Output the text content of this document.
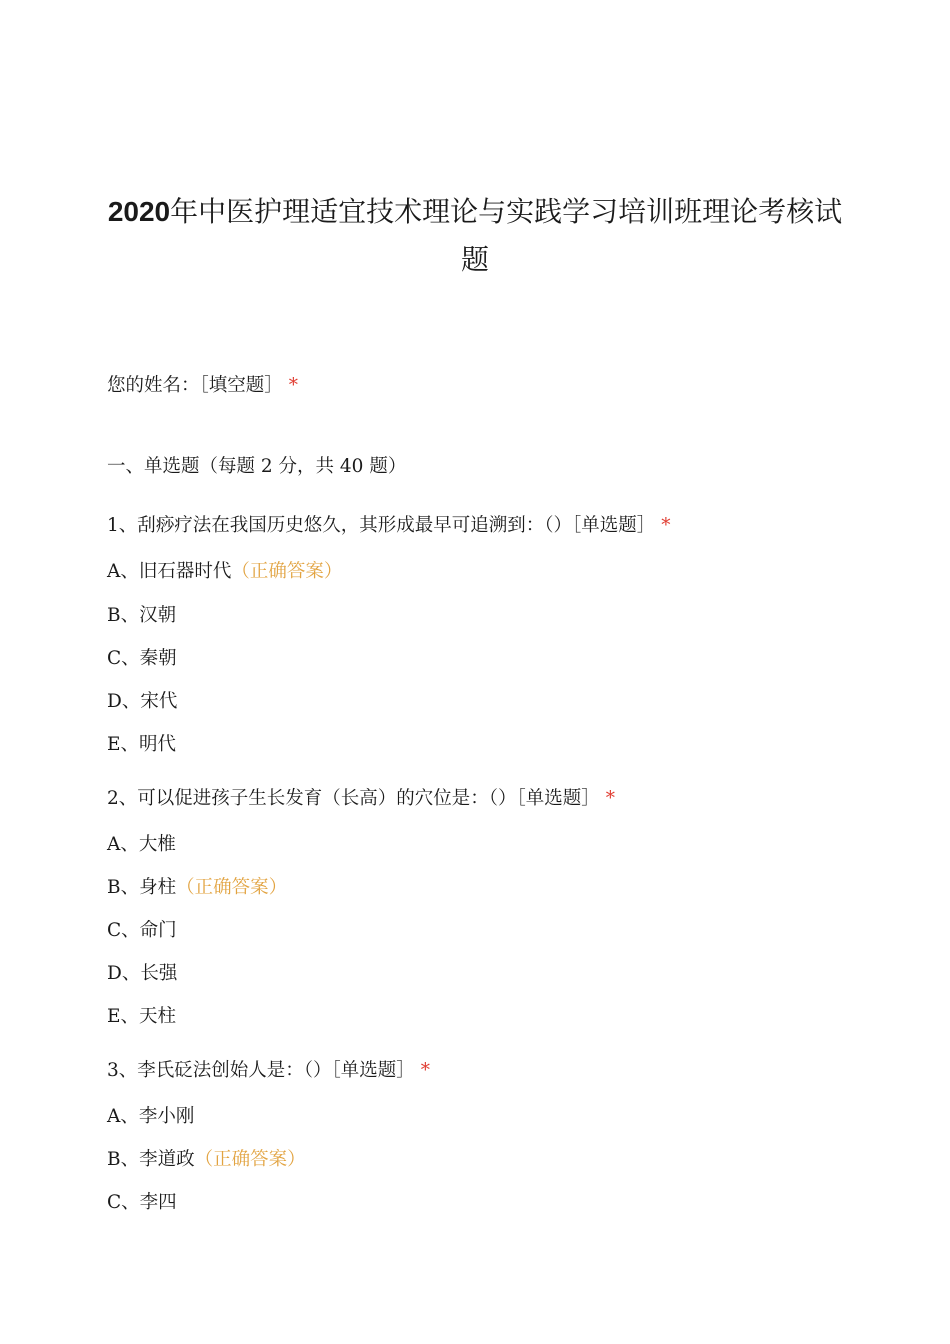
2020年中医护理适宜技术理论与实践学习培训班理论考核试
题

您的姓名：［填空题］ *

一、单选题（每题 2 分，共 40 题）

1、刮痧疗法在我国历史悠久，其形成最早可追溯到：（）［单选题］ *

A、旧石器时代（正确答案）

B、汉朝

C、秦朝

D、宋代

E、明代

2、可以促进孩子生长发育（长高）的穴位是：（）［单选题］ *

A、大椎

B、身柱（正确答案）

C、命门

D、长强

E、天柱

3、李氏砭法创始人是：（）［单选题］ *

A、李小刚

B、李道政（正确答案）

C、李四
